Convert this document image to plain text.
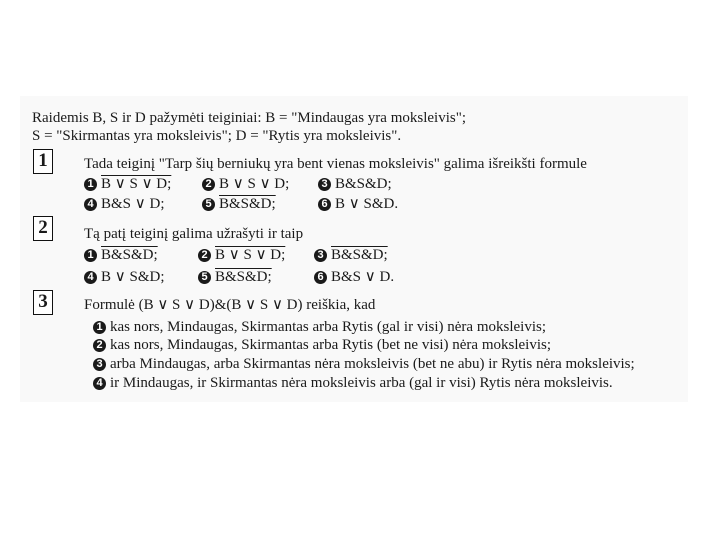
Raidemis B, S ir D pažymėti teiginiai: B = "Mindaugas yra moksleivis";
S = "Skirmantas yra moksleivis"; D = "Rytis yra moksleivis".
1	Tada teiginį "Tarp šių berniukų yra bent vienas moksleivis" galima išreikšti formule
1 B ∨ S ∨ D;	2 B ∨ S ∨ D;	3 B&S&D;
4 B&S ∨ D;	5 B&S&D;	6 B ∨ S&D.
2	Tą patį teiginį galima užrašyti ir taip
1 B&S&D;	2 B ∨ S ∨ D;	3 B&S&D;
4 B ∨ S&D;	5 B&S&D;	6 B&S ∨ D.
3	Formulė (B ∨ S ∨ D)&(B ∨ S ∨ D) reiškia, kad
1 kas nors, Mindaugas, Skirmantas arba Rytis (gal ir visi) nėra moksleivis;
2 kas nors, Mindaugas, Skirmantas arba Rytis (bet ne visi) nėra moksleivis;
3 arba Mindaugas, arba Skirmantas nėra moksleivis (bet ne abu) ir Rytis nėra moksleivis;
4 ir Mindaugas, ir Skirmantas nėra moksleivis arba (gal ir visi) Rytis nėra moksleivis.
